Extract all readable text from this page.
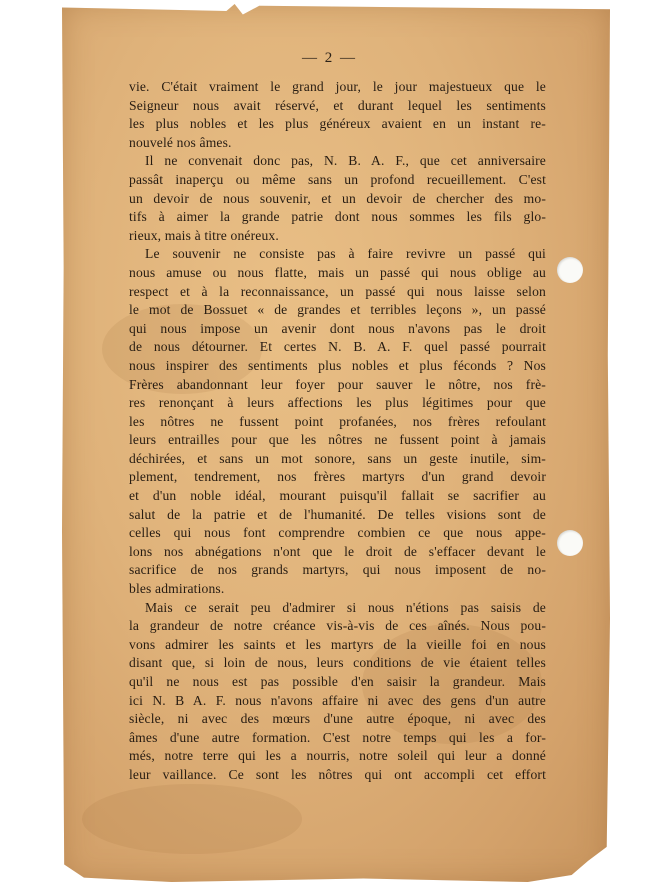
— 2 —
vie. C'était vraiment le grand jour, le jour majestueux que le
Seigneur nous avait réservé, et durant lequel les sentiments
les plus nobles et les plus généreux avaient en un instant re-
nouvelé nos âmes.
Il ne convenait donc pas, N. B. A. F., que cet anniversaire
passât inaperçu ou même sans un profond recueillement. C'est
un devoir de nous souvenir, et un devoir de chercher des mo-
tifs à aimer la grande patrie dont nous sommes les fils glo-
rieux, mais à titre onéreux.
Le souvenir ne consiste pas à faire revivre un passé qui
nous amuse ou nous flatte, mais un passé qui nous oblige au
respect et à la reconnaissance, un passé qui nous laisse selon
le mot de Bossuet « de grandes et terribles leçons », un passé
qui nous impose un avenir dont nous n'avons pas le droit
de nous détourner. Et certes N. B. A. F. quel passé pourrait
nous inspirer des sentiments plus nobles et plus féconds ? Nos
Frères abandonnant leur foyer pour sauver le nôtre, nos frè-
res renonçant à leurs affections les plus légitimes pour que
les nôtres ne fussent point profanées, nos frères refoulant
leurs entrailles pour que les nôtres ne fussent point à jamais
déchirées, et sans un mot sonore, sans un geste inutile, sim-
plement, tendrement, nos frères martyrs d'un grand devoir
et d'un noble idéal, mourant puisqu'il fallait se sacrifier au
salut de la patrie et de l'humanité. De telles visions sont de
celles qui nous font comprendre combien ce que nous appe-
lons nos abnégations n'ont que le droit de s'effacer devant le
sacrifice de nos grands martyrs, qui nous imposent de no-
bles admirations.
Mais ce serait peu d'admirer si nous n'étions pas saisis de
la grandeur de notre créance vis-à-vis de ces aînés. Nous pou-
vons admirer les saints et les martyrs de la vieille foi en nous
disant que, si loin de nous, leurs conditions de vie étaient telles
qu'il ne nous est pas possible d'en saisir la grandeur. Mais
ici N. B A. F. nous n'avons affaire ni avec des gens d'un autre
siècle, ni avec des mœurs d'une autre époque, ni avec des
âmes d'une autre formation. C'est notre temps qui les a for-
més, notre terre qui les a nourris, notre soleil qui leur a donné
leur vaillance. Ce sont les nôtres qui ont accompli cet effort
